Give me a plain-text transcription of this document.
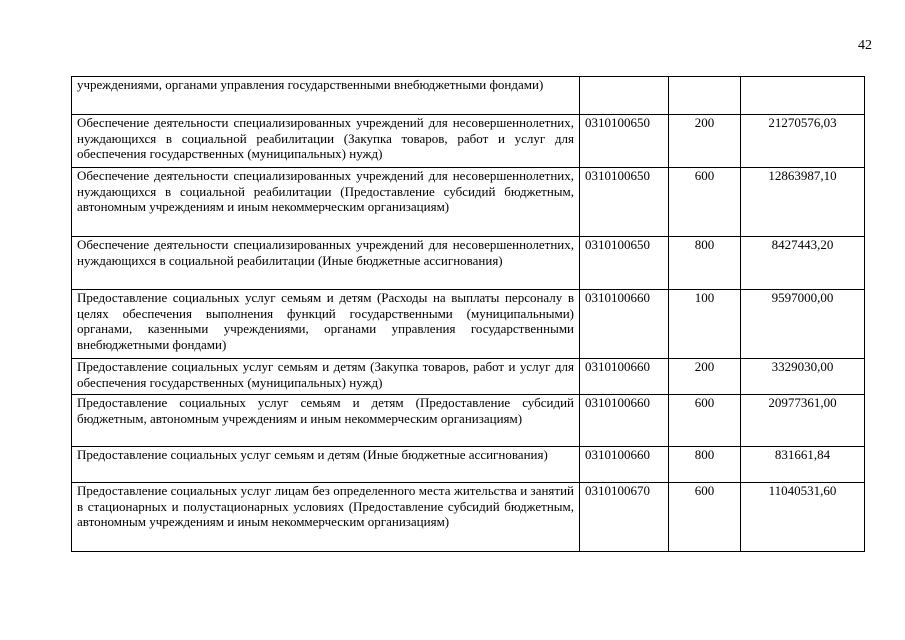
42
учреждениями, органами управления государственными внебюджетными фондами)			
Обеспечение деятельности специализированных учреждений для несовершеннолетних, нуждающихся в социальной реабилитации (Закупка товаров, работ и услуг для обеспечения государственных (муниципальных) нужд)	0310100650	200	21270576,03
Обеспечение деятельности специализированных учреждений для несовершеннолетних, нуждающихся в социальной реабилитации (Предоставление субсидий бюджетным, автономным учреждениям и иным некоммерческим организациям)	0310100650	600	12863987,10
Обеспечение деятельности специализированных учреждений для несовершеннолетних, нуждающихся в социальной реабилитации (Иные бюджетные ассигнования)	0310100650	800	8427443,20
Предоставление социальных услуг семьям и детям (Расходы на выплаты персоналу в целях обеспечения выполнения функций государственными (муниципальными) органами, казенными учреждениями, органами управления государственными внебюджетными фондами)	0310100660	100	9597000,00
Предоставление социальных услуг семьям и детям (Закупка товаров, работ и услуг для обеспечения государственных (муниципальных) нужд)	0310100660	200	3329030,00
Предоставление социальных услуг семьям и детям (Предоставление субсидий бюджетным, автономным учреждениям и иным некоммерческим организациям)	0310100660	600	20977361,00
Предоставление социальных услуг семьям и детям (Иные бюджетные ассигнования)	0310100660	800	831661,84
Предоставление социальных услуг лицам без определенного места жительства и занятий в стационарных и полустационарных условиях (Предоставление субсидий бюджетным, автономным учреждениям и иным некоммерческим организациям)	0310100670	600	11040531,60
